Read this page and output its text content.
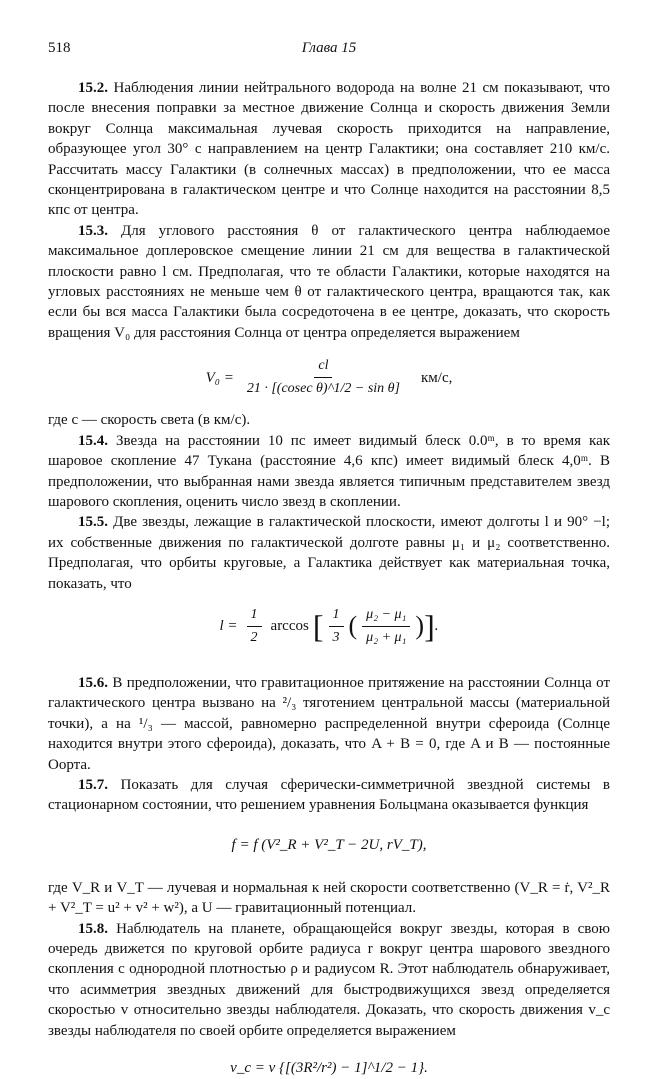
518	Глава 15

15.2. Наблюдения линии нейтрального водорода на волне 21 см показывают, что после внесения поправки за местное движение Солнца и скорость движения Земли вокруг Солнца максимальная лучевая скорость приходится на направление, образующее угол 30° с направлением на центр Галактики; она составляет 210 км/с. Рассчитать массу Галактики (в солнечных массах) в предположении, что ее масса сконцентрирована в галактическом центре и что Солнце находится на расстоянии 8,5 кпс от центра.

15.3. Для углового расстояния θ от галактического центра наблюдаемое максимальное доплеровское смещение линии 21 см для вещества в галактической плоскости равно l см. Предполагая, что те области Галактики, которые находятся на угловых расстояниях не меньше чем θ от галактического центра, вращаются так, как если бы вся масса Галактики была сосредоточена в ее центре, доказать, что скорость вращения V₀ для расстояния Солнца от центра определяется выражением

$V_0 = \frac{cl}{\text{21 · [(cosec θ)\textasciicircum{}1/2 − sin θ]}} км/с$,

где c — скорость света (в км/с).

15.4. Звезда на расстоянии 10 пс имеет видимый блеск 0.0ᵐ, в то время как шаровое скопление 47 Тукана (расстояние 4,6 кпс) имеет видимый блеск 4,0ᵐ. В предположении, что выбранная нами звезда является типичным представителем звезд шарового скопления, оценить число звезд в скоплении.

15.5. Две звезды, лежащие в галактической плоскости, имеют долготы l и 90° −l; их собственные движения по галактической долготе равны μ₁ и μ₂ соответственно. Предполагая, что орбиты круговые, а Галактика действует как материальная точка, показать, что

$l = \frac{1}{2}$ arccos [ $\frac{1}{3}$ ( $\frac{\text{μ₂ − μ₁}}{\text{μ₂ + μ₁}}$ ) ] .

15.6. В предположении, что гравитационное притяжение на расстоянии Солнца от галактического центра вызвано на ²/₃ тяготением центральной массы (материальной точки), а на ¹/₃ — массой, равномерно распределенной внутри сфероида (Солнце находится внутри этого сфероида), доказать, что A + B = 0, где A и B — постоянные Оорта.

15.7. Показать для случая сферически-симметричной звездной системы в стационарном состоянии, что решением уравнения Больцмана оказывается функция

f = f (V²_R + V²_T − 2U, rV_T),

где V_R и V_T — лучевая и нормальная к ней скорости соответственно (V_R = ṙ, V²_R + V²_T = u² + v² + w²), а U — гравитационный потенциал.

15.8. Наблюдатель на планете, обращающейся вокруг звезды, которая в свою очередь движется по круговой орбите радиуса r вокруг центра шарового звездного скопления с однородной плотностью ρ и радиусом R. Этот наблюдатель обнаруживает, что асимметрия звездных движений для быстродвижущихся звезд определяется скоростью v относительно звезды наблюдателя. Доказать, что скорость движения v_c звезды наблюдателя по своей орбите определяется выражением

v_c = v {[(3R²/r²) − 1]^1/2 − 1}.
